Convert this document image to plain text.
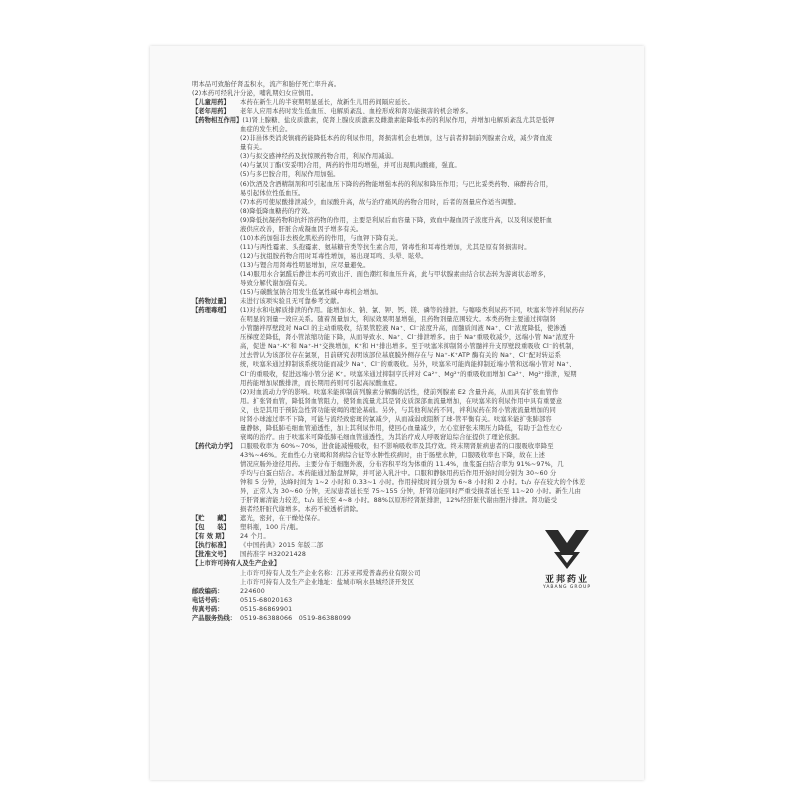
明本品可致胎仔肾盂积水，流产和胎仔死亡率升高。
(2)本药可经乳汁分泌，哺乳期妇女应慎用。
【儿童用药】	本药在新生儿的半衰期明显延长，故新生儿用药间隔应延长。
【老年用药】	老年人应用本药时发生低血压、电解质紊乱、血栓形成和肾功能损害的机会增多。
【药物相互作用】 (1)肾上腺糖、盐皮质激素，促肾上腺皮质激素及雌激素能降低本药的利尿作用，并增加电解质紊乱尤其是低钾
血症的发生机会。
(2)非甾体类消炎镇痛药能降低本药的利尿作用，肾损害机会也增加，这与前者抑制前列腺素合成，减少肾血流
量有关。
(3)与拟交感神经药及抗惊厥药物合用，利尿作用减弱。
(4)与氯贝丁酯(安妥明)合用，两药的作用均增强，并可出现肌肉酸痛，强直。
(5)与多巴胺合用，利尿作用加强。
(6)饮酒及含酒精制剂和可引起血压下降的药物能增强本药的利尿和降压作用；与巴比妥类药物、麻醉药合用，
易引起体位性低血压。
(7)本药可使尿酸排泄减少，血尿酸升高，故与治疗痛风的药物合用时，后者的剂量应作适当调整。
(8)降低降血糖药的疗效。
(9)降低抗凝药物和抗纤溶药物的作用，主要是利尿后血容量下降，致血中凝血因子浓度升高，以及利尿使肝血
液供应改善，肝脏合成凝血因子增多有关。
(10)本药加强非去极化肌松药的作用，与血钾下降有关。
(11)与两性霉素、头孢霉素、氨基糖苷类等抗生素合用，肾毒性和耳毒性增加，尤其是原有肾损害时。
(12)与抗组胺药物合用时耳毒性增加，易出现耳鸣、头晕、眩晕。
(13)与锂合用肾毒性明显增加，应尽量避免。
(14)服用水合氯醛后静注本药可致出汗、面色潮红和血压升高，此与甲状腺素由结合状态转为游离状态增多，
导致分解代谢加强有关。
(15)与碳酸氢钠合用发生低氯性碱中毒机会增加。
【药物过量】	未进行该项实验且无可靠参考文献。
【药理毒理】	(1)对水和电解质排泄的作用。能增加水、钠、氯、钾、钙、镁、磷等的排泄。与噻嗪类利尿药不同，呋塞米等袢利尿药存
在明显的剂量一效应关系。随着剂量加大，利尿效果明显增强，且药物剂量范围较大。本类药物主要通过抑制肾
小管髓袢厚壁段对 NaCl 的主动重吸收，结果管腔液 Na⁺、Cl⁻浓度升高，而髓质间液 Na⁺、Cl⁻浓度降低，使渗透
压梯度差降低，肾小管浓缩功能下降，从而导致水、Na⁺、Cl⁻排泄增多。由于 Na⁺重吸收减少，远端小管 Na⁺浓度升
高，促进 Na⁺-K⁺和 Na⁺-H⁺交换增加，K⁺和 H⁺排出增多。至于呋塞米抑制肾小管髓袢升支厚壁段重吸收 Cl⁻的机制，
过去曾认为该部位存在氯泵，目前研究表明该部位基底膜外侧存在与 Na⁺-K⁺ATP 酶有关的 Na⁺、Cl⁻配对转运系
统，呋塞米通过抑制该系统功能而减少 Na⁺、Cl⁻的重吸收。另外，呋塞米可能尚能抑制近端小管和远端小管对 Na⁺、
Cl⁻的重吸收，促进远端小管分泌 K⁺。呋塞米通过抑制亨氏袢对 Ca²⁺、Mg²⁺的重吸收而增加 Ca²⁺、Mg²⁺排泄，短期
用药能增加尿酸排泄，而长期用药则可引起高尿酸血症。
(2)对血流动力学的影响。呋塞米能抑制前列腺素分解酶的活性，使前列腺素 E2 含量升高，从而具有扩张血管作
用。扩张肾血管，降低肾血管阻力，使肾血流量尤其是肾皮质深部血流量增加，在呋塞米的利尿作用中具有重要意
义，也是其用于预防急性肾功能衰竭的理论基础。另外，与其他利尿药不同，袢利尿药在肾小管液流量增加的同
时肾小球滤过率不下降，可能与流经致密斑的氯减少，从而减弱或阻断了球-管平衡有关。呋塞米能扩张肺部容
量静脉，降低肺毛细血管通透性，加上其利尿作用，使回心血量减少，左心室舒张末期压力降低，有助于急性左心
衰竭的治疗。由于呋塞米可降低肺毛细血管通透性，为其治疗成人呼吸窘迫综合征提供了理论依据。
【药代动力学】 口服吸收率为 60%~70%，进食能减慢吸收，但不影响吸收率及其疗效。终末期肾脏病患者的口服吸收率降至
43%~46%。充血性心力衰竭和肾病综合征等水肿性疾病时，由于肠壁水肿，口服吸收率也下降，故在上述
情况应肠外途径用药。主要分布于细胞外液，分布容积平均为体重的 11.4%，血浆蛋白结合率为 91%~97%，几
乎均与白蛋白结合。本药能通过胎盘屏障，并可泌入乳汁中。口服和静脉用药后作用开始时间分别为 30~60 分
钟和 5 分钟，达峰时间为 1~2 小时和 0.33~1 小时。作用持续时间分别为 6~8 小时和 2 小时。t₁/₂ 存在较大的个体差
异，正常人为 30~60 分钟，无尿患者延长至 75~155 分钟，肝肾功能同时严重受损者延长至 11~20 小时。新生儿由
于肝肾廓清能力较差，t₁/₂ 延长至 4~8 小时。88%以原形经肾脏排泄，12%经肝脏代谢由胆汁排泄。肾功能受
损者经肝脏代谢增多。本药不被透析清除。
【贮　　藏】	遮光，密封，在干燥处保存。
【包　　装】	塑料瓶，100 片/瓶。
【有 效 期】	24 个月。
【执行标准】	《中国药典》2015 年版二部
【批准文号】	国药准字 H32021428
【上市许可持有人及生产企业】
上市许可持有人及生产企业名称：江苏亚邦爱普森药业有限公司
上市许可持有人及生产企业地址：盐城市响水县城经济开发区
邮政编码：	224600
电话号码：	0515-68020163
传真号码：	0515-86869901
产品服务热线： 0519-86388066　0519-86388099
亚邦药业
YABANG GROUP
